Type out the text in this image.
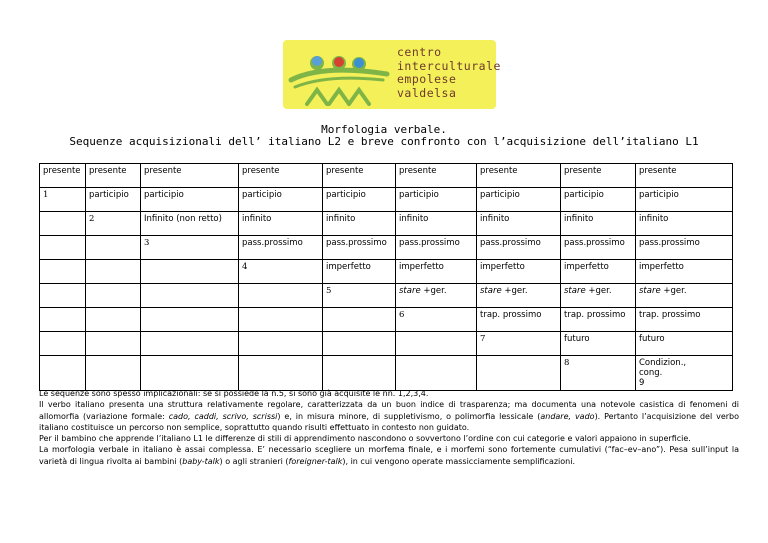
centro
interculturale
empolese
valdelsa
Morfologia verbale.
Sequenze acquisizionali dell’ italiano L2 e breve confronto con l’acquisizione dell’italiano L1
presente	presente	presente	presente	presente	presente	presente	presente	presente
1	participio	participio	participio	participio	participio	participio	participio	participio
	2	Infinito (non retto)	infinito	infinito	infinito	infinito	infinito	infinito
		3	pass.prossimo	pass.prossimo	pass.prossimo	pass.prossimo	pass.prossimo	pass.prossimo
			4	imperfetto	imperfetto	imperfetto	imperfetto	imperfetto
				5	stare +ger.	stare +ger.	stare +ger.	stare +ger.
					6	trap. prossimo	trap. prossimo	trap. prossimo
						7	futuro	futuro
							8	Condizion.,
cong.
9

Le sequenze sono spesso implicazionali: se si possiede la n.5, si sono già acquisite le nn. 1,2,3,4.

Il verbo italiano presenta una struttura relativamente regolare, caratterizzata da un buon indice di trasparenza; ma documenta una notevole casistica di fenomeni di allomorfia (variazione formale: cado, caddi, scrivo, scrissi) e, in misura minore, di suppletivismo, o polimorfia lessicale (andare, vado). Pertanto l’acquisizione del verbo italiano costituisce un percorso non semplice, soprattutto quando risulti effettuato in contesto non guidato.

Per il bambino che apprende l’italiano L1 le differenze di stili di apprendimento nascondono o sovvertono l’ordine con cui categorie e valori appaiono in superficie.

La morfologia verbale in italiano è assai complessa. E’ necessario scegliere un morfema finale, e i morfemi sono fortemente cumulativi (“fac–ev–ano”). Pesa sull’input la varietà di lingua rivolta ai bambini (baby-talk) o agli stranieri (foreigner-talk), in cui vengono operate massicciamente semplificazioni.
